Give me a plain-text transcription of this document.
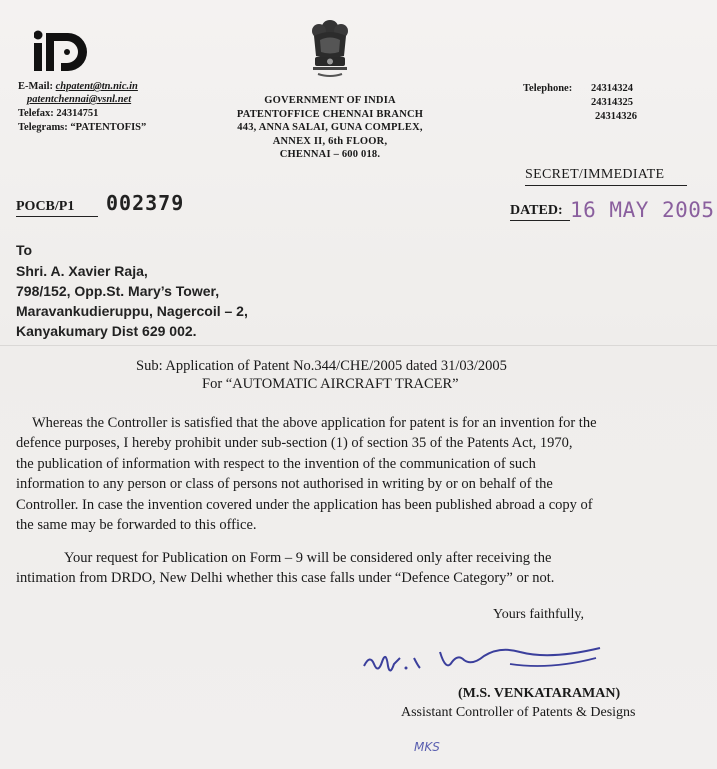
E-Mail: chpatent@tn.nic.in
patentchennai@vsnl.net
Telefax: 24314751
Telegrams: “PATENTOFIS”
GOVERNMENT OF INDIA
PATENTOFFICE CHENNAI BRANCH
443, ANNA SALAI, GUNA COMPLEX,
ANNEX II, 6th FLOOR,
CHENNAI – 600 018.
Telephone: 24314324
24314325
24314326
SECRET/IMMEDIATE
POCB/P1 002379	DATED: 16 MAY 2005
To
Shri. A. Xavier Raja,
798/152, Opp.St. Mary’s Tower,
Maravankudieruppu, Nagercoil – 2,
Kanyakumary Dist 629 002.
Sub: Application of Patent No.344/CHE/2005 dated 31/03/2005
For “AUTOMATIC AIRCRAFT TRACER”
Whereas the Controller is satisfied that the above application for patent is for an invention for the
defence purposes, I hereby prohibit under sub-section (1) of section 35 of the Patents Act, 1970,
the publication of information with respect to the invention of the communication of such
information to any person or class of persons not authorised in writing by or on behalf of the
Controller. In case the invention covered under the application has been published abroad a copy of
the same may be forwarded to this office.
Your request for Publication on Form – 9 will be considered only after receiving the
intimation from DRDO, New Delhi whether this case falls under “Defence Category” or not.
Yours faithfully,
(M.S. VENKATARAMAN)
Assistant Controller of Patents & Designs
MKS
